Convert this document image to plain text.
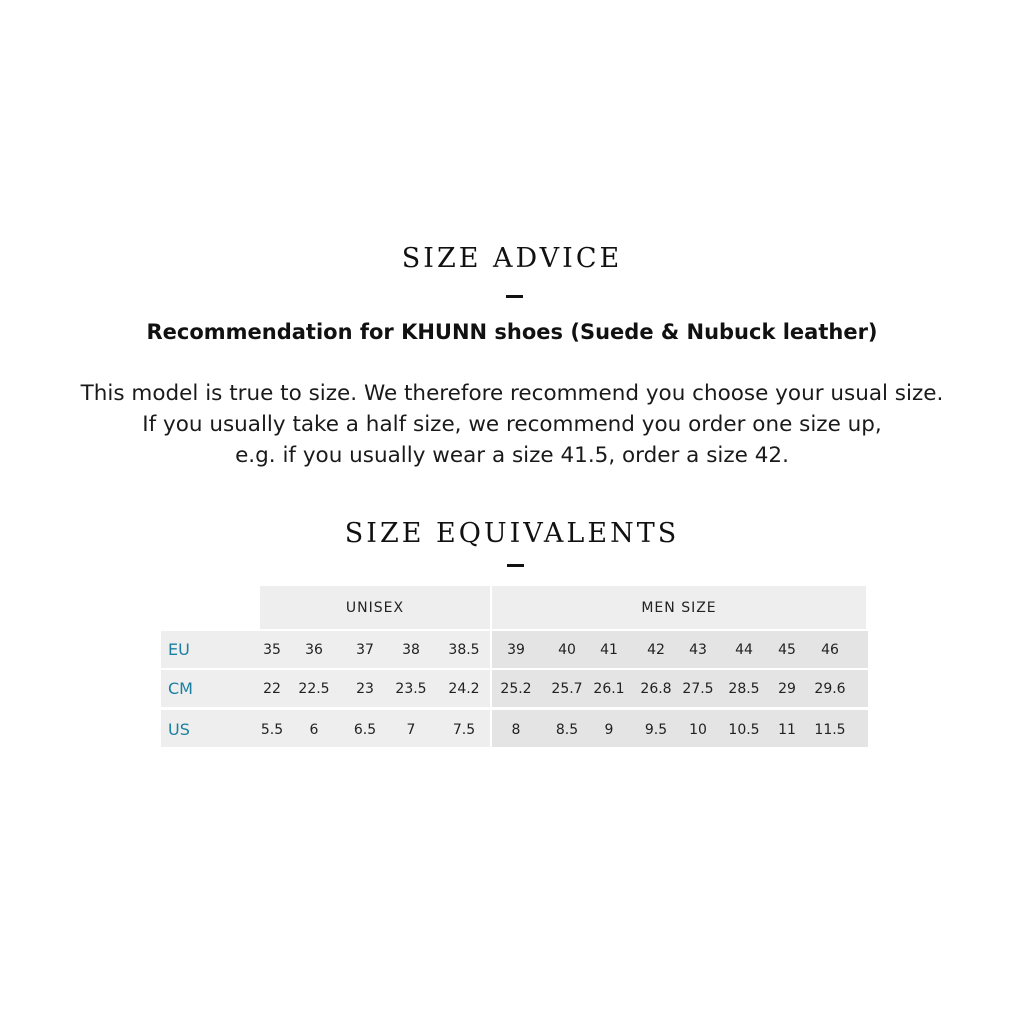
SIZE ADVICE
Recommendation for KHUNN shoes (Suede & Nubuck leather)
This model is true to size. We therefore recommend you choose your usual size.
If you usually take a half size, we recommend you order one size up,
e.g. if you usually wear a size 41.5, order a size 42.
SIZE EQUIVALENTS
UNISEX	MEN SIZE
EU	35 36 37 38 38.5 39 40 41 42 43 44 45 46
CM	22 22.5 23 23.5 24.2 25.2 25.7 26.1 26.8 27.5 28.5 29 29.6
US	5.5 6	6.5 7	7.5	8	8.5 9 9.5 10 10.5 11 11.5
